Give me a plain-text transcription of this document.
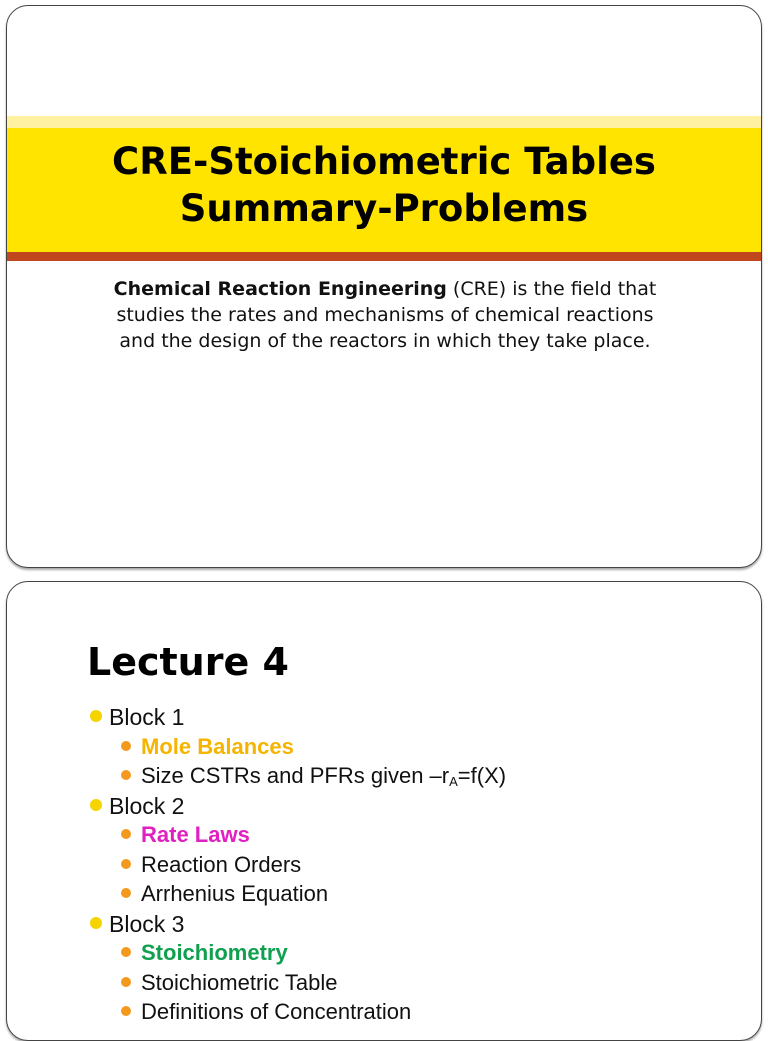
CRE-Stoichiometric Tables
Summary-Problems
Chemical Reaction Engineering (CRE) is the field that studies the rates and mechanisms of chemical reactions and the design of the reactors in which they take place.
Lecture 4
Block 1
Mole Balances
Size CSTRs and PFRs given $-r_A=f(X)$
Block 2
Rate Laws
Reaction Orders
Arrhenius Equation
Block 3
Stoichiometry
Stoichiometric Table
Definitions of Concentration
